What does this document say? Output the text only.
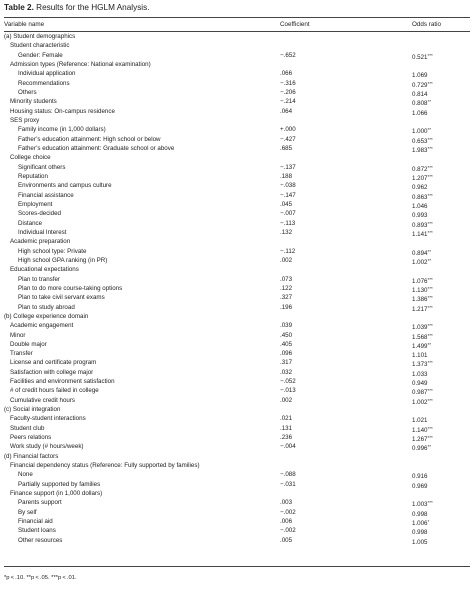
Table 2. Results for the HGLM Analysis.
Variable name	Coefficient	Odds ratio
(a) Student demographics
Student characteristic
Gender: Female	−.652	0.521***
Admission types (Reference: National examination)
Individual application	.066	1.069
Recommendations	−.316	0.729***
Others	−.206	0.814
Minority students	−.214	0.808**
Housing status: On-campus residence	.064	1.066
SES proxy
Family income (in 1,000 dollars)	+.000	1.000**
Father’s education attainment: High school or below	−.427	0.653***
Father’s education attainment: Graduate school or above	.685	1.983***
College choice
Significant others	−.137	0.872***
Reputation	.188	1.207***
Environments and campus culture	−.038	0.962
Financial assistance	−.147	0.863***
Employment	.045	1.046
Scores-decided	−.007	0.993
Distance	−.113	0.893***
Individual Interest	.132	1.141***
Academic preparation
High school type: Private	−.112	0.894**
High school GPA ranking (in PR)	.002	1.002**
Educational expectations
Plan to transfer	.073	1.076***
Plan to do more course-taking options	.122	1.130***
Plan to take civil servant exams	.327	1.386***
Plan to study abroad	.196	1.217***
(b) College experience domain
Academic engagement	.039	1.039***
Minor	.450	1.568***
Double major	.405	1.499**
Transfer	.096	1.101
License and certificate program	.317	1.373***
Satisfaction with college major	.032	1.033
Facilities and environment satisfaction	−.052	0.949
# of credit hours failed in college	−.013	0.987***
Cumulative credit hours	.002	1.002***
(c) Social integration
Faculty-student interactions	.021	1.021
Student club	.131	1.140***
Peers relations	.236	1.267***
Work study (# hours/week)	−.004	0.996**
(d) Financial factors
Financial dependency status (Reference: Fully supported by families)
None	−.088	0.916
Partially supported by families	−.031	0.969
Finance support (in 1,000 dollars)
Parents support	.003	1.003***
By self	−.002	0.998
Financial aid	.006	1.006*
Student loans	−.002	0.998
Other resources	.005	1.005
*p < .10. **p < .05. ***p < .01.
